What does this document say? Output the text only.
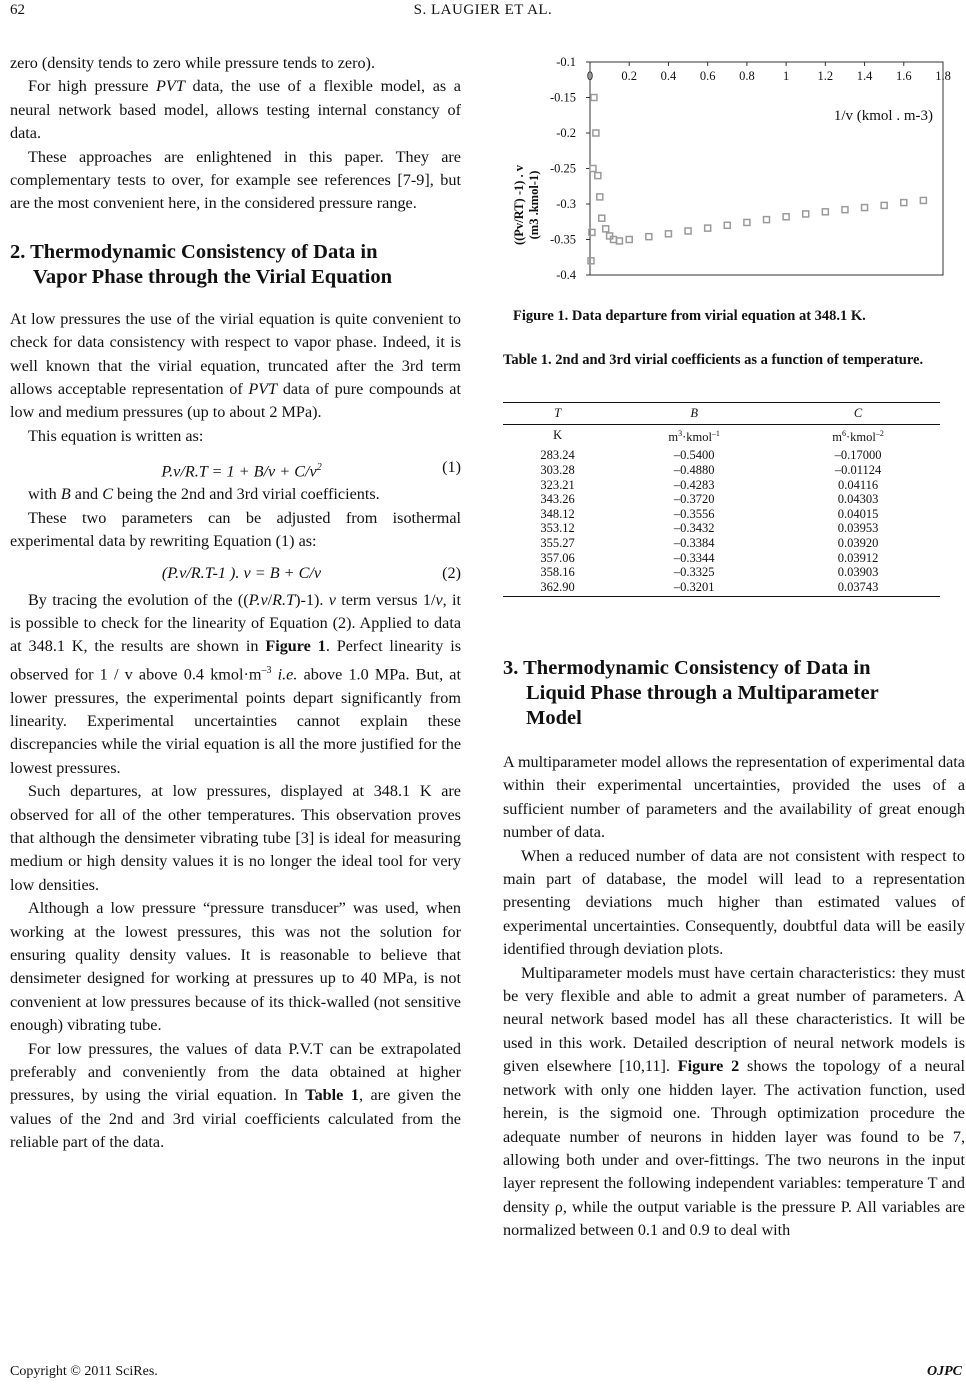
62	S. LAUGIER ET AL.

zero (density tends to zero while pressure tends to zero).

For high pressure PVT data, the use of a flexible model, as a neural network based model, allows testing internal constancy of data.

These approaches are enlightened in this paper. They are complementary tests to over, for example see references [7-9], but are the most convenient here, in the considered pressure range.

2. Thermodynamic Consistency of Data in
Vapor Phase through the Virial Equation

At low pressures the use of the virial equation is quite convenient to check for data consistency with respect to vapor phase. Indeed, it is well known that the virial equation, truncated after the 3rd term allows acceptable representation of PVT data of pure compounds at low and medium pressures (up to about 2 MPa).

This equation is written as:

$P.v/R.T = 1 + B/v + C/v^2$	(1)

with B and C being the 2nd and 3rd virial coefficients.

These two parameters can be adjusted from isothermal experimental data by rewriting Equation (1) as:

(P.v/R.T-1 ). v = B + C/v	(2)

By tracing the evolution of the ((P.v/R.T)-1). v term versus 1/v, it is possible to check for the linearity of Equation (2). Applied to data at 348.1 K, the results are shown in Figure 1. Perfect linearity is observed for 1 / v above 0.4 $kmol\cdot m^{-3}$ i.e. above 1.0 MPa. But, at lower pressures, the experimental points depart significantly from linearity. Experimental uncertainties cannot explain these discrepancies while the virial equation is all the more justified for the lowest pressures.

Such departures, at low pressures, displayed at 348.1 K are observed for all of the other temperatures. This observation proves that although the densimeter vibrating tube [3] is ideal for measuring medium or high density values it is no longer the ideal tool for very low densities.

Although a low pressure “pressure transducer” was used, when working at the lowest pressures, this was not the solution for ensuring quality density values. It is reasonable to believe that densimeter designed for working at pressures up to 40 MPa, is not convenient at low pressures because of its thick-walled (not sensitive enough) vibrating tube.

For low pressures, the values of data P.V.T can be extrapolated preferably and conveniently from the data obtained at higher pressures, by using the virial equation. In Table 1, are given the values of the 2nd and 3rd virial coefficients calculated from the reliable part of the data.

-0.1
-0.15
-0.2
-0.25
-0.3
-0.35
-0.4
0 0.2 0.4 0.6 0.8 1 1.2 1.4 1.6 1.8
1/v (kmol . m-3)
((Pv/RT) -1) . v (m3 .kmol-1)
Figure 1. Data departure from virial equation at 348.1 K.
Table 1. 2nd and 3rd virial coefficients as a function of temperature.
T	B	C
K	$m^3\cdot kmol^{-1}$	$m^6\cdot kmol^{-2}$
283.24	–0.5400	–0.17000
303.28	–0.4880	–0.01124
323.21	–0.4283	0.04116
343.26	–0.3720	0.04303
348.12	–0.3556	0.04015
353.12	–0.3432	0.03953
355.27	–0.3384	0.03920
357.06	–0.3344	0.03912
358.16	–0.3325	0.03903
362.90	–0.3201	0.03743
3. Thermodynamic Consistency of Data in
Liquid Phase through a Multiparameter
Model

A multiparameter model allows the representation of experimental data within their experimental uncertainties, provided the uses of a sufficient number of parameters and the availability of great enough number of data.

When a reduced number of data are not consistent with respect to main part of database, the model will lead to a representation presenting deviations much higher than estimated values of experimental uncertainties. Consequently, doubtful data will be easily identified through deviation plots.

Multiparameter models must have certain characteristics: they must be very flexible and able to admit a great number of parameters. A neural network based model has all these characteristics. It will be used in this work. Detailed description of neural network models is given elsewhere [10,11]. Figure 2 shows the topology of a neural network with only one hidden layer. The activation function, used herein, is the sigmoid one. Through optimization procedure the adequate number of neurons in hidden layer was found to be 7, allowing both under and over-fittings. The two neurons in the input layer represent the following independent variables: temperature T and density ρ, while the output variable is the pressure P. All variables are normalized between 0.1 and 0.9 to deal with

Copyright © 2011 SciRes.	OJPC
